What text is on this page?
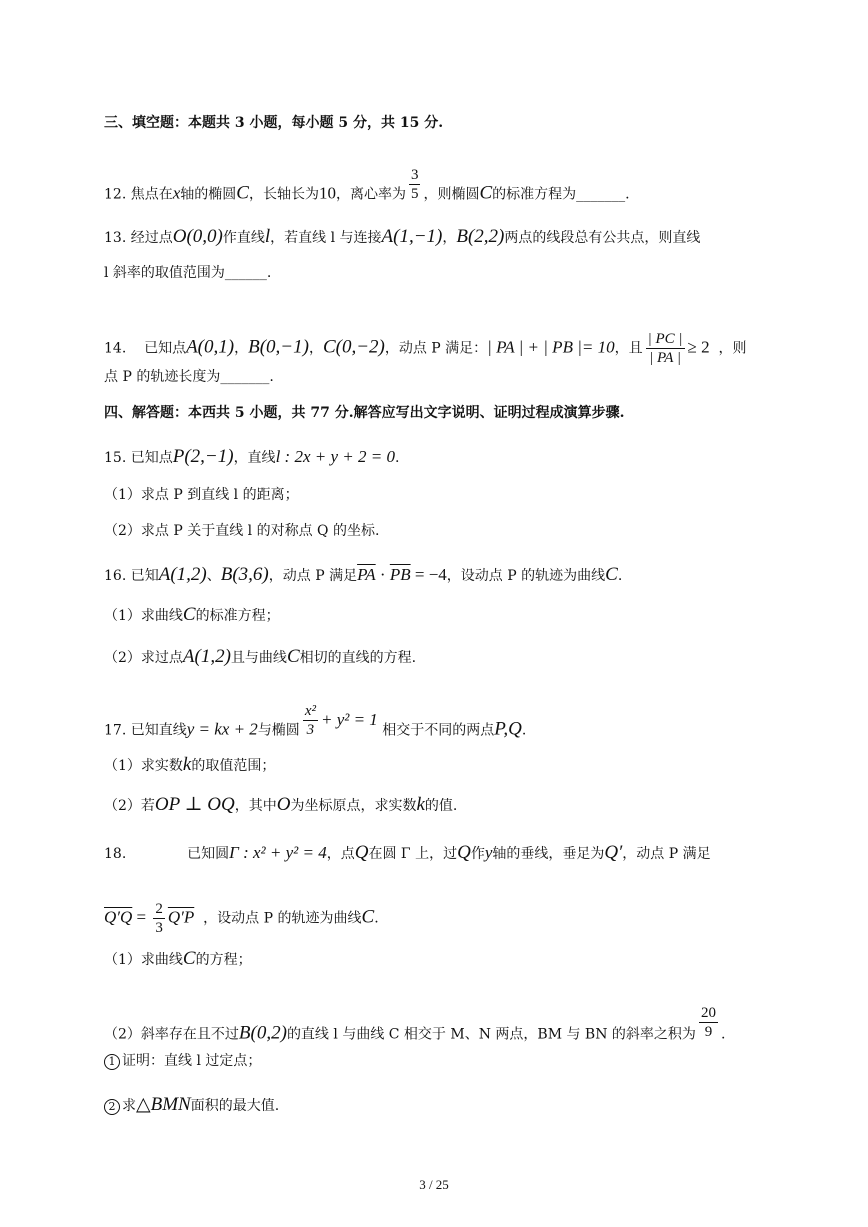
三、填空题：本题共 3 小题，每小题 5 分，共 15 分.
12. 焦点在x轴的椭圆C，长轴长为10，离心率为 $\frac{3}{5}$ ，则椭圆C的标准方程为_______.
13. 经过点O(0,0)作直线l，若直线 l 与连接A(1,−1)，B(2,2)两点的线段总有公共点，则直线
l 斜率的取值范围为______.
14. 已知点A(0,1)，B(0,−1)，C(0,−2)，动点 P 满足：| PA | + | PB |= 10，且 $\frac{| PC |}{| PA |} \ge 2$ ，则
点 P 的轨迹长度为_______.
四、解答题：本西共 5 小题，共 77 分.解答应写出文字说明、证明过程成演算步骤.
15. 已知点P(2,−1)，直线l : 2x + y + 2 = 0.
（1）求点 P 到直线 l 的距离；
（2）求点 P 关于直线 l 的对称点 Q 的坐标.
16. 已知A(1,2)、B(3,6)，动点 P 满足$\overline{PA} \cdot \overline{PB} = -4$，设动点 P 的轨迹为曲线C.
（1）求曲线C的标准方程；
（2）求过点A(1,2)且与曲线C相切的直线的方程.
17. 已知直线y = kx + 2与椭圆 $\frac{\text{x²}}{3} + y^2 = 1$ 相交于不同的两点P,Q.
（1）求实数k的取值范围；
（2）若OP ⊥ OQ，其中O为坐标原点，求实数k的值.
18.	已知圆Γ : x² + y² = 4，点Q在圆 Γ 上，过Q作y轴的垂线，垂足为Q′，动点 P 满足
$Q'Q = \frac{2}{3} Q'P$ ，设动点 P 的轨迹为曲线C.
（1）求曲线C的方程；
（2）斜率存在且不过B(0,2)的直线 l 与曲线 C 相交于 M、N 两点，BM 与 BN 的斜率之积为 $\frac{20}{9}$ .
1 证明：直线 l 过定点；
2 求△BMN面积的最大值.
3 / 25
